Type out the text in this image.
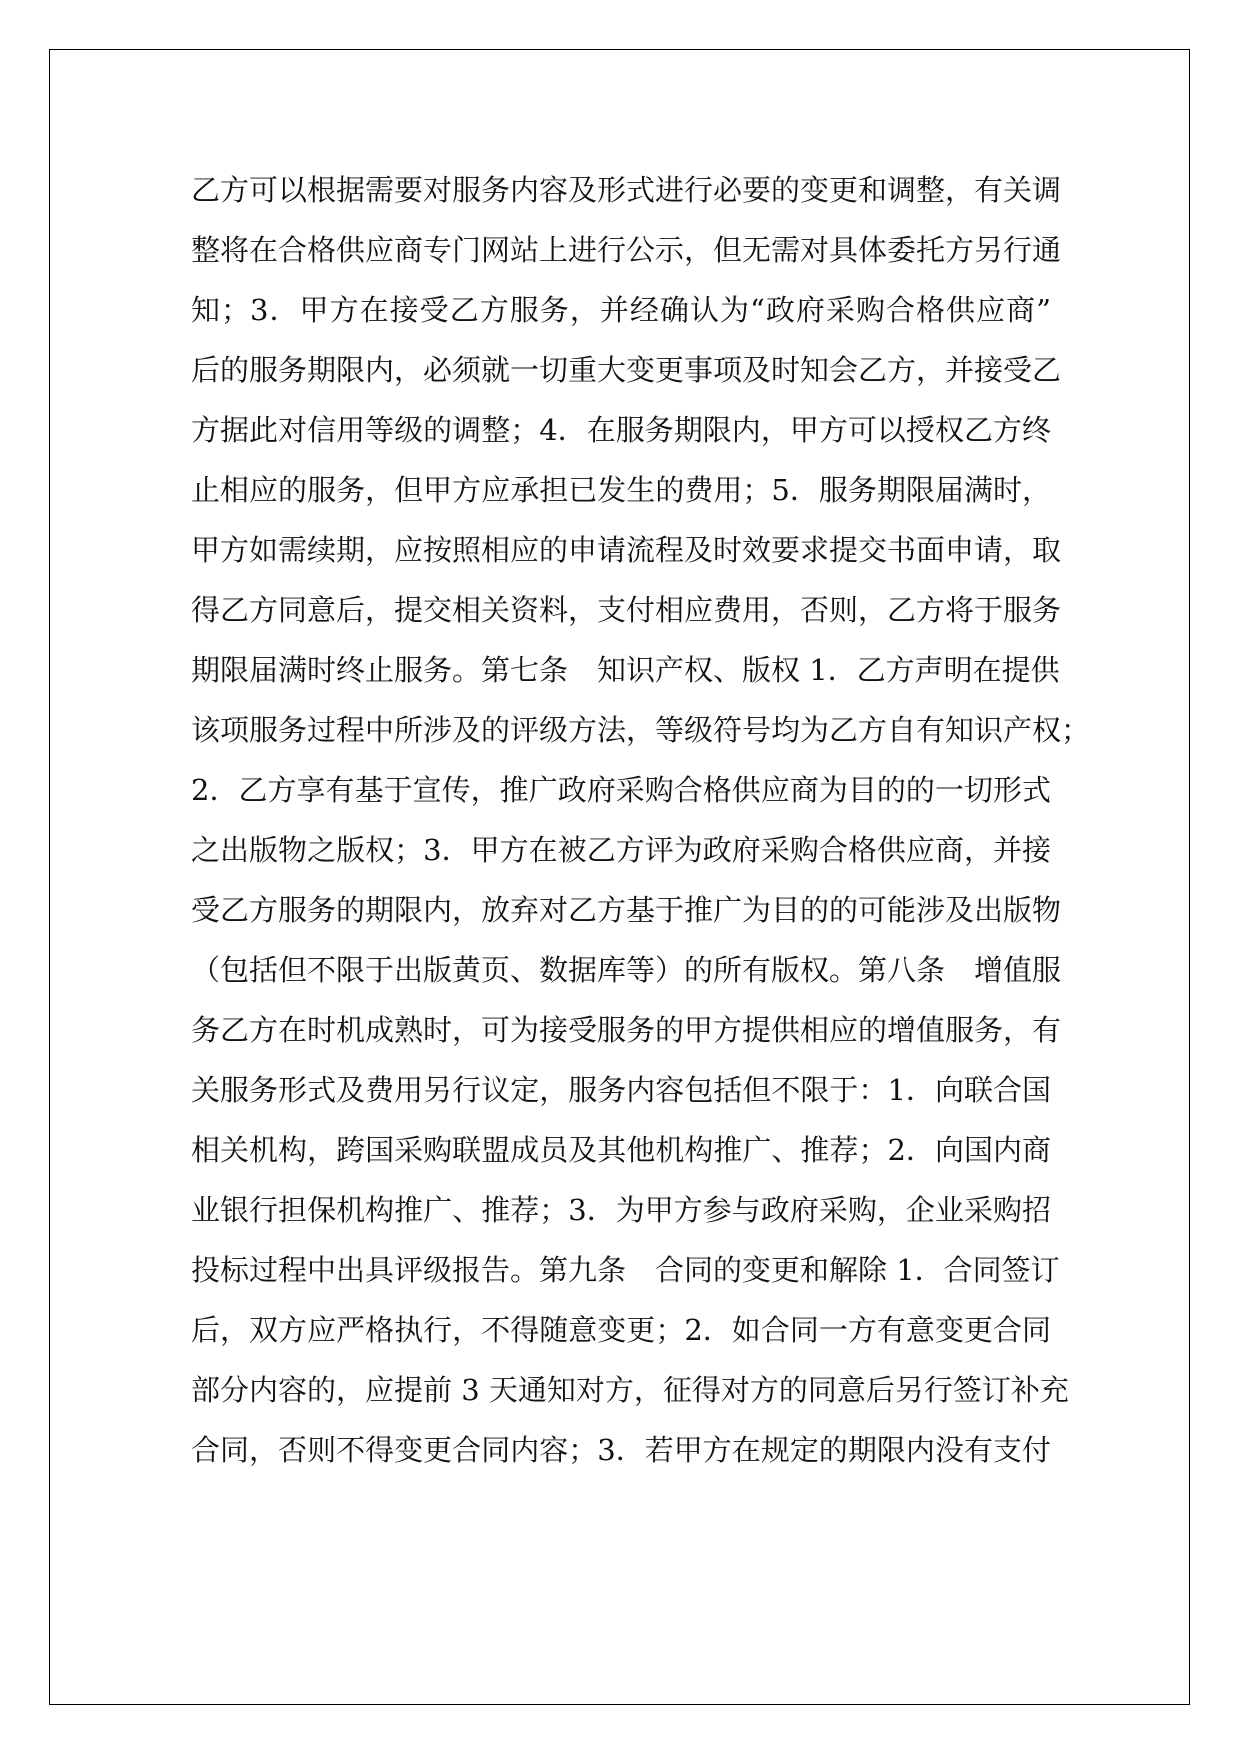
乙方可以根据需要对服务内容及形式进行必要的变更和调整，有关调
整将在合格供应商专门网站上进行公示，但无需对具体委托方另行通
知；3．甲方在接受乙方服务，并经确认为“政府采购合格供应商”
后的服务期限内，必须就一切重大变更事项及时知会乙方，并接受乙
方据此对信用等级的调整；4．在服务期限内，甲方可以授权乙方终
止相应的服务，但甲方应承担已发生的费用；5．服务期限届满时，
甲方如需续期，应按照相应的申请流程及时效要求提交书面申请，取
得乙方同意后，提交相关资料，支付相应费用，否则，乙方将于服务
期限届满时终止服务。第七条　知识产权、版权 1．乙方声明在提供
该项服务过程中所涉及的评级方法，等级符号均为乙方自有知识产权；
2．乙方享有基于宣传，推广政府采购合格供应商为目的的一切形式
之出版物之版权；3．甲方在被乙方评为政府采购合格供应商，并接
受乙方服务的期限内，放弃对乙方基于推广为目的的可能涉及出版物
（包括但不限于出版黄页、数据库等）的所有版权。第八条　增值服
务乙方在时机成熟时，可为接受服务的甲方提供相应的增值服务，有
关服务形式及费用另行议定，服务内容包括但不限于：1．向联合国
相关机构，跨国采购联盟成员及其他机构推广、推荐；2．向国内商
业银行担保机构推广、推荐；3．为甲方参与政府采购，企业采购招
投标过程中出具评级报告。第九条　合同的变更和解除 1．合同签订
后，双方应严格执行，不得随意变更；2．如合同一方有意变更合同
部分内容的，应提前 3 天通知对方，征得对方的同意后另行签订补充
合同，否则不得变更合同内容；3．若甲方在规定的期限内没有支付
